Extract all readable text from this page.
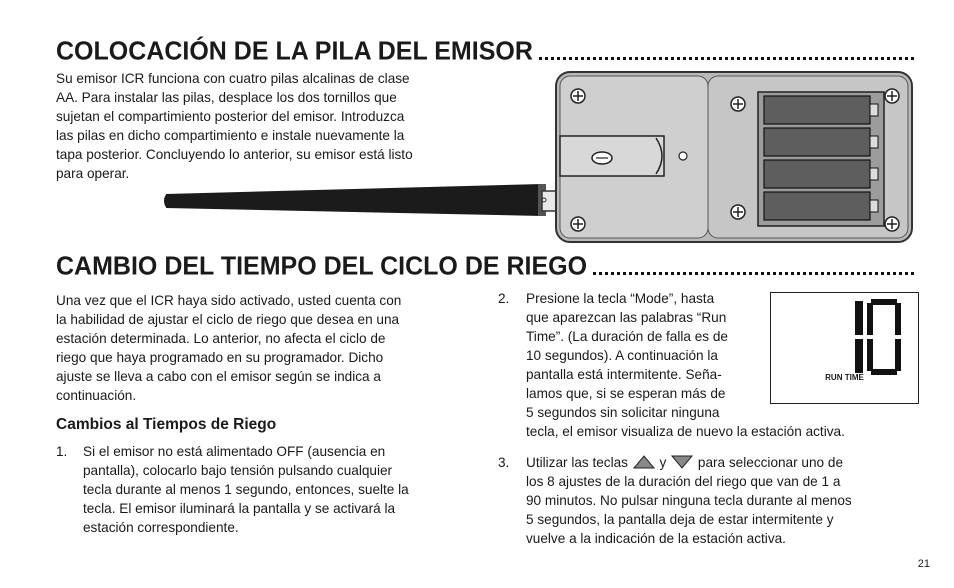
COLOCACIÓN DE LA PILA DEL EMISOR

Su emisor ICR funciona con cuatro pilas alcalinas de clase

AA. Para instalar las pilas, desplace los dos tornillos que

sujetan el compartimiento posterior del emisor. Introduzca

las pilas en dicho compartimiento e instale nuevamente la

tapa posterior. Concluyendo lo anterior, su emisor está listo

para operar.

CAMBIO DEL TIEMPO DEL CICLO DE RIEGO

Una vez que el ICR haya sido activado, usted cuenta con

la habilidad de ajustar el ciclo de riego que desea en una

estación determinada. Lo anterior, no afecta el ciclo de

riego que haya programado en su programador. Dicho

ajuste se lleva a cabo con el emisor según se indica a

continuación.

Cambios al Tiempos de Riego
1. Si el emisor no está alimentado OFF (ausencia en
pantalla), colocarlo bajo tensión pulsando cualquier
tecla durante al menos 1 segundo, entonces, suelte la
tecla. El emisor iluminará la pantalla y se activará la
estación correspondiente.
2. Presione la tecla “Mode”, hasta
que aparezcan las palabras “Run
Time”. (La duración de falla es de
10 segundos). A continuación la
pantalla está intermitente. Seña-
lamos que, si se esperan más de
5 segundos sin solicitar ninguna
tecla, el emisor visualiza de nuevo la estación activa.
RUN TIME
3. Utilizar las teclas y para seleccionar uno de
los 8 ajustes de la duración del riego que van de 1 a
90 minutos. No pulsar ninguna tecla durante al menos
5 segundos, la pantalla deja de estar intermitente y
vuelve a la indicación de la estación activa.
21
